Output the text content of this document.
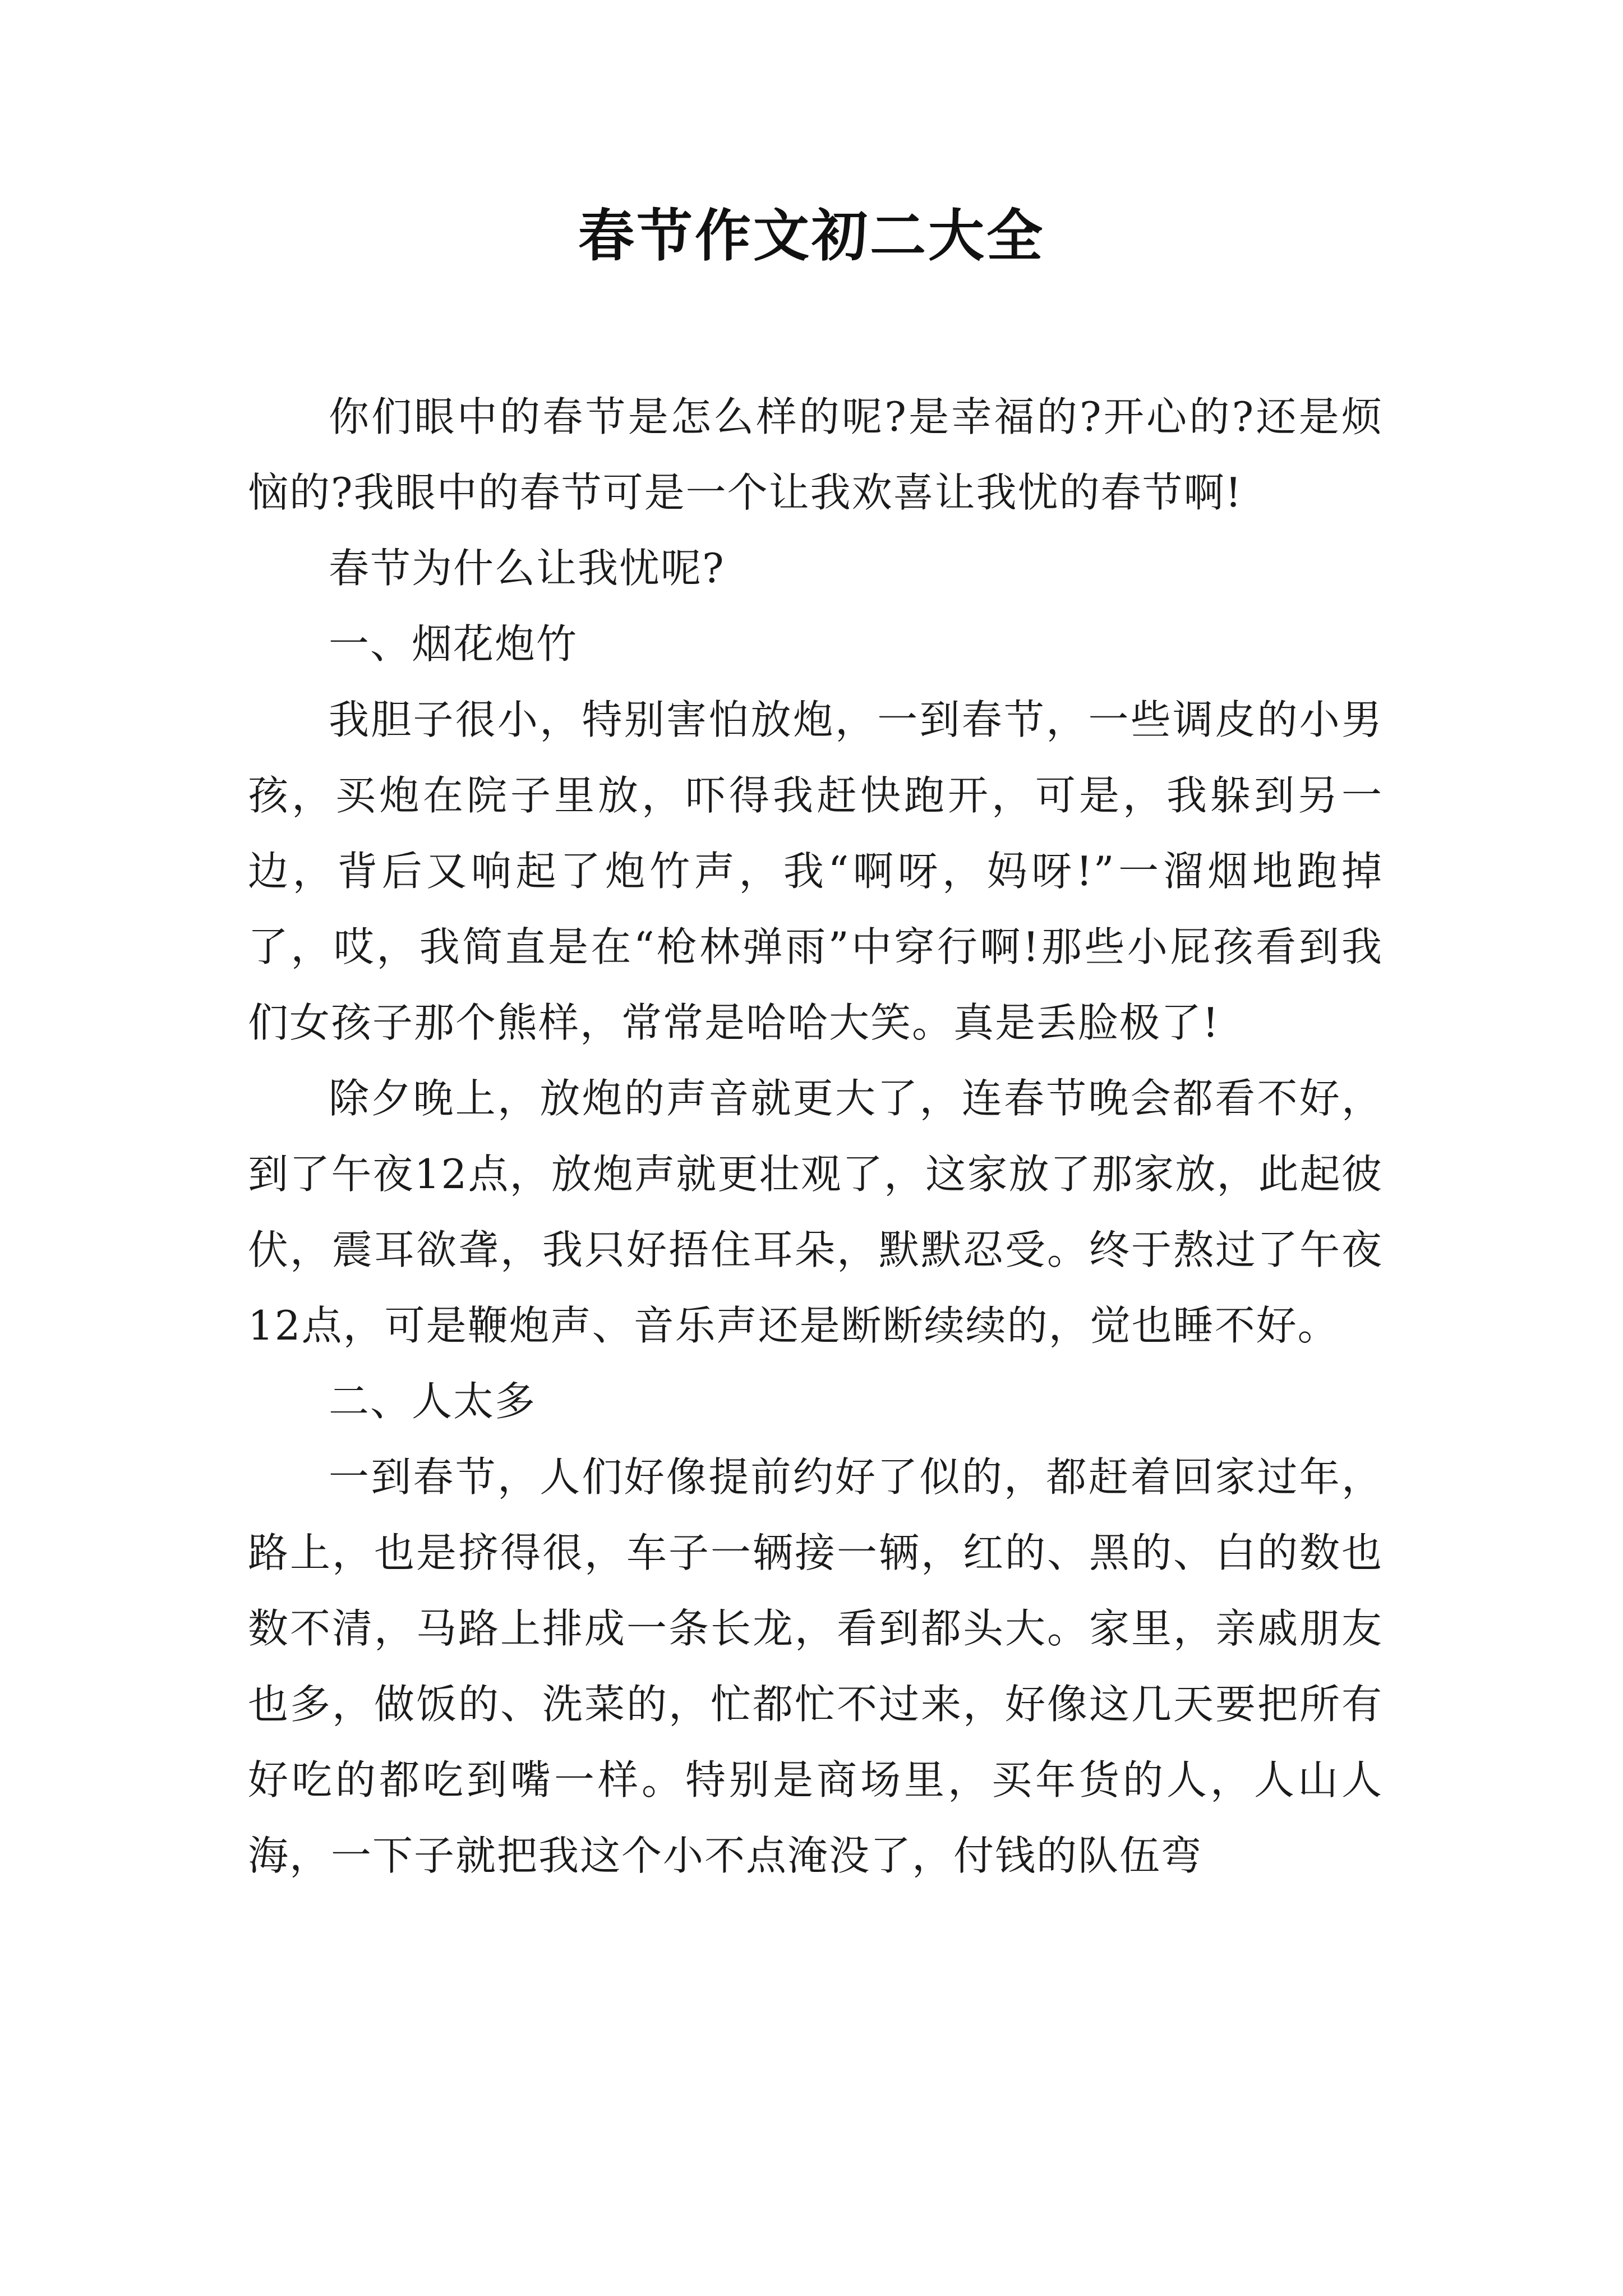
春节作文初二大全

你们眼中的春节是怎么样的呢?是幸福的?开心的?还是烦恼的?我眼中的春节可是一个让我欢喜让我忧的春节啊!

春节为什么让我忧呢?

一、烟花炮竹

我胆子很小，特别害怕放炮，一到春节，一些调皮的小男孩，买炮在院子里放，吓得我赶快跑开，可是，我躲到另一边，背后又响起了炮竹声，我“啊呀，妈呀!”一溜烟地跑掉了，哎，我简直是在“枪林弹雨”中穿行啊!那些小屁孩看到我们女孩子那个熊样，常常是哈哈大笑。真是丢脸极了!

除夕晚上，放炮的声音就更大了，连春节晚会都看不好，到了午夜12点，放炮声就更壮观了，这家放了那家放，此起彼伏，震耳欲聋，我只好捂住耳朵，默默忍受。终于熬过了午夜12点，可是鞭炮声、音乐声还是断断续续的，觉也睡不好。

二、人太多

一到春节，人们好像提前约好了似的，都赶着回家过年，路上，也是挤得很，车子一辆接一辆，红的、黑的、白的数也数不清，马路上排成一条长龙，看到都头大。家里，亲戚朋友也多，做饭的、洗菜的，忙都忙不过来，好像这几天要把所有好吃的都吃到嘴一样。特别是商场里，买年货的人，人山人海，一下子就把我这个小不点淹没了，付钱的队伍弯
